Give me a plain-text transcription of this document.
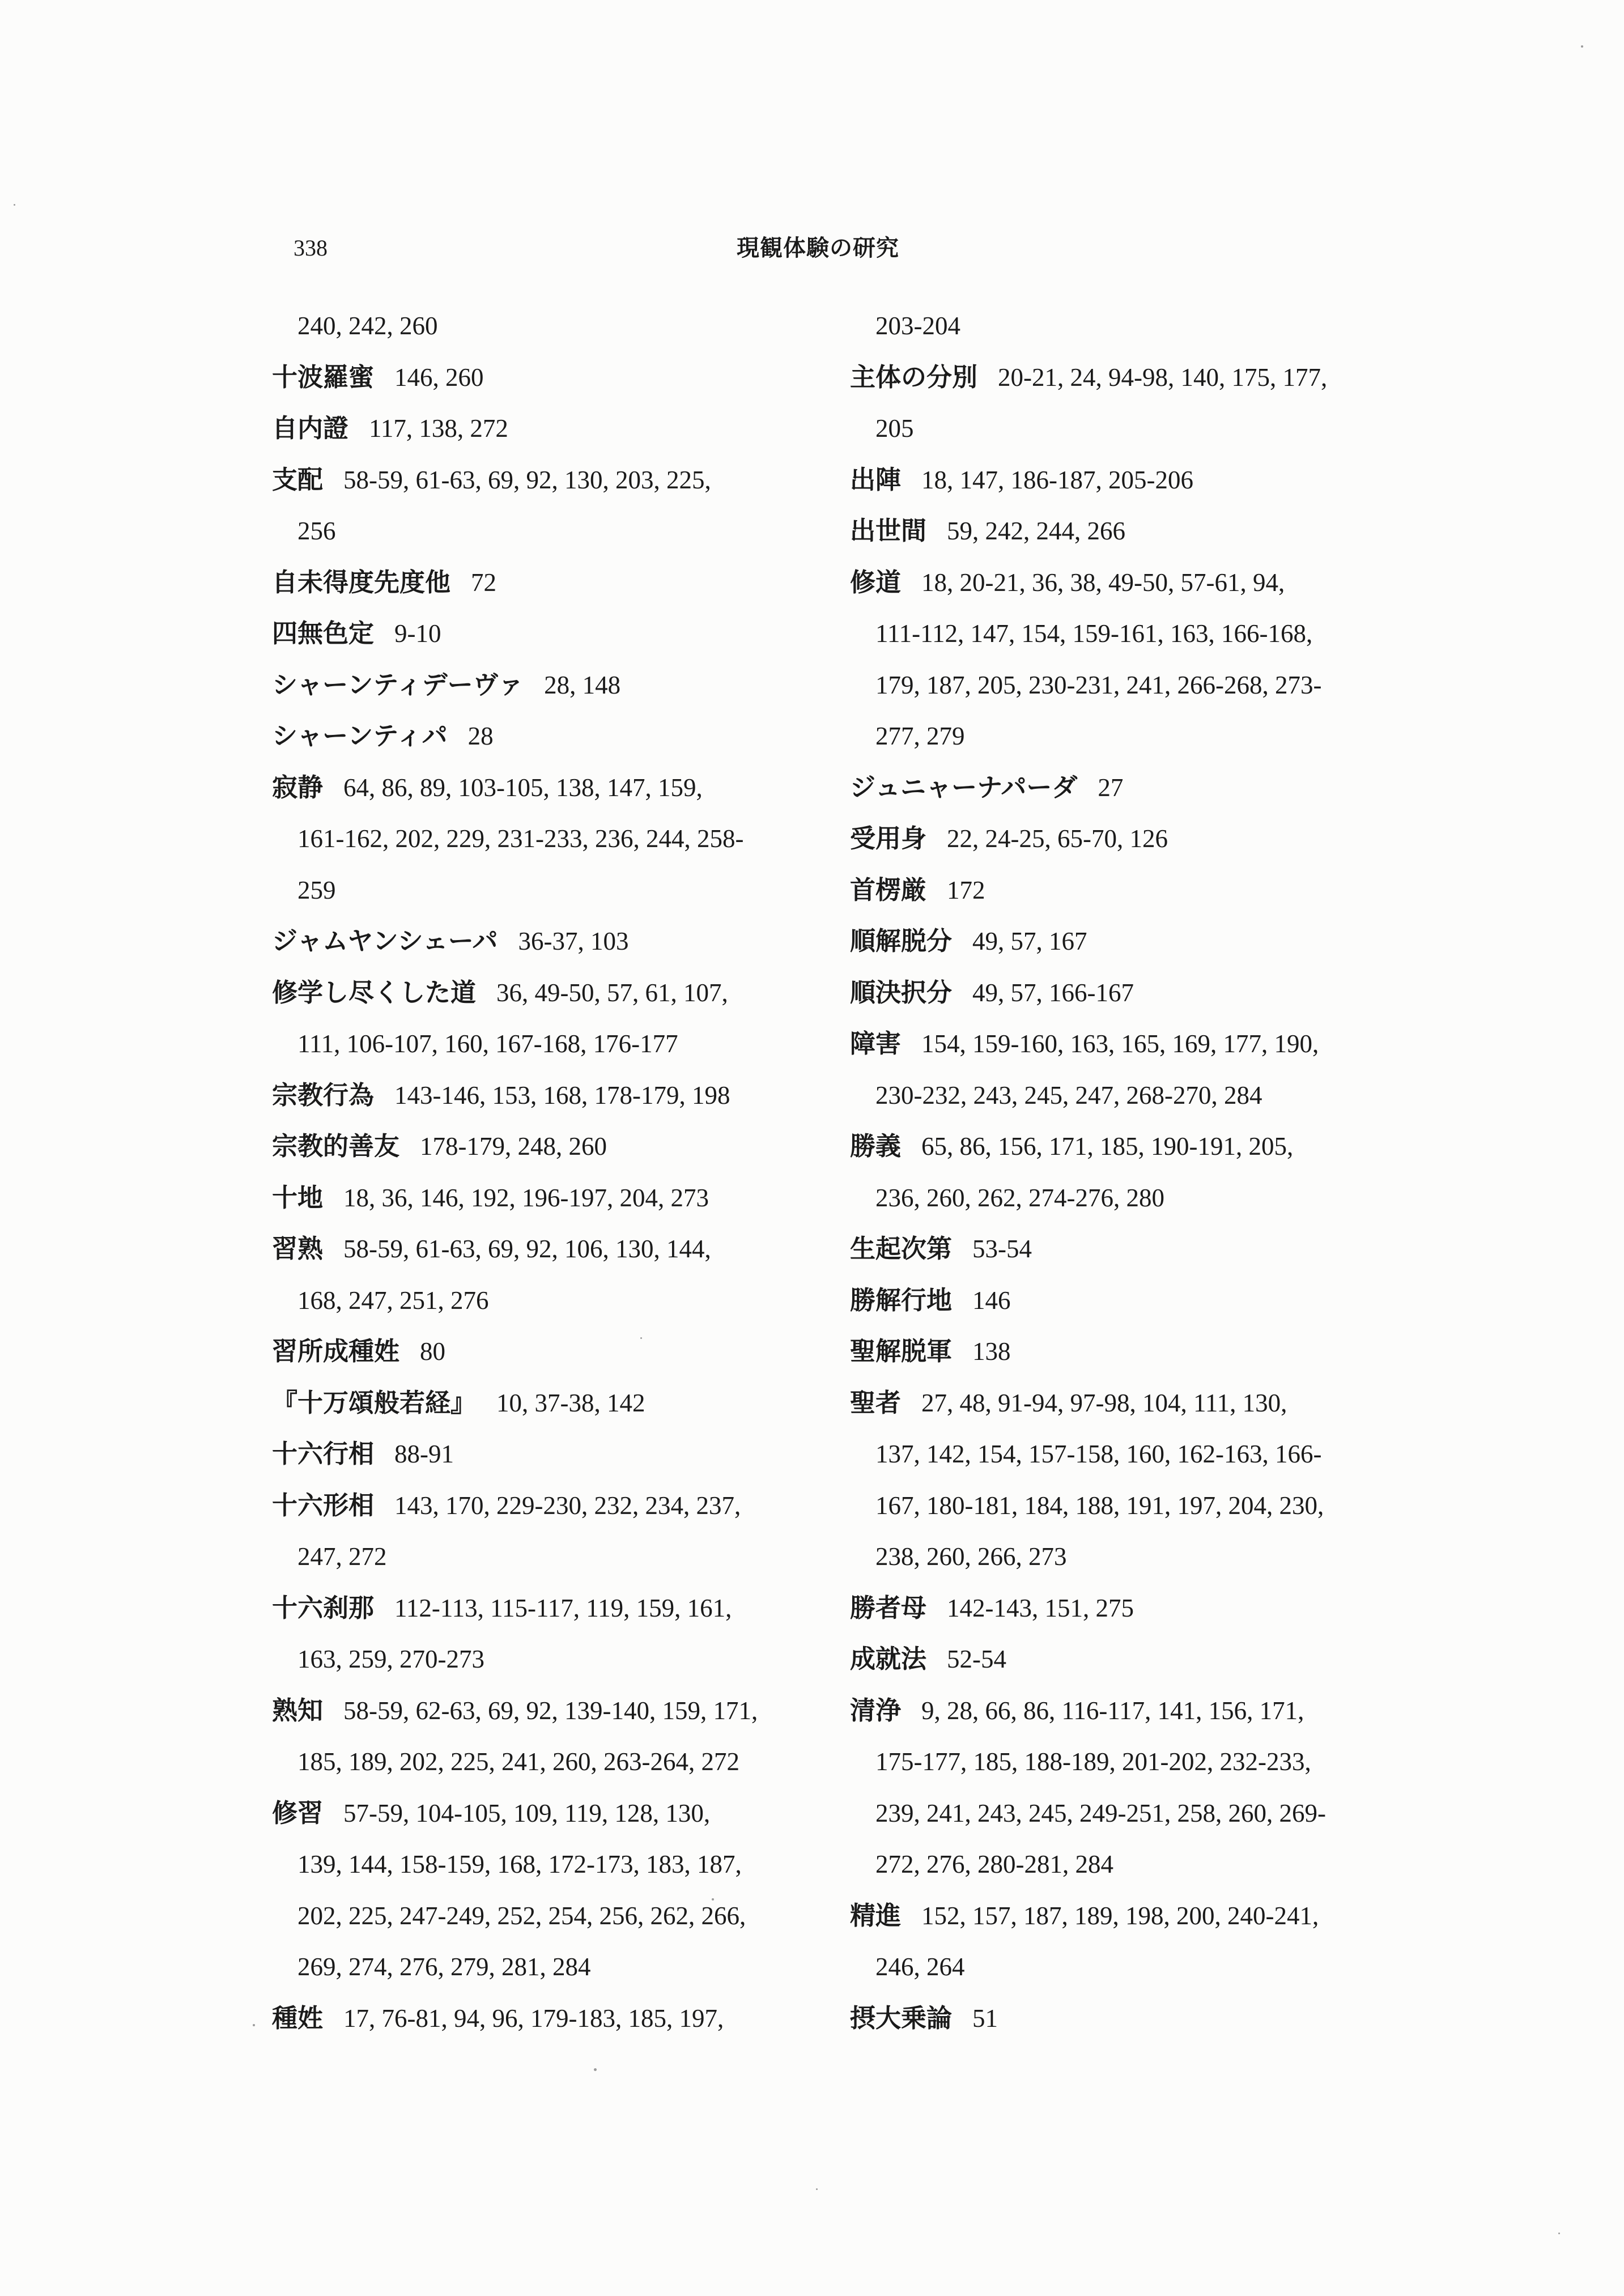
338	現観体験の研究
240, 242, 260
十波羅蜜 146, 260
自内證 117, 138, 272
支配 58-59, 61-63, 69, 92, 130, 203, 225,
256
自未得度先度他 72
四無色定 9-10
シャーンティデーヴァ 28, 148
シャーンティパ 28
寂静 64, 86, 89, 103-105, 138, 147, 159,
161-162, 202, 229, 231-233, 236, 244, 258-
259
ジャムヤンシェーパ 36-37, 103
修学し尽くした道 36, 49-50, 57, 61, 107,
111, 106-107, 160, 167-168, 176-177
宗教行為 143-146, 153, 168, 178-179, 198
宗教的善友 178-179, 248, 260
十地 18, 36, 146, 192, 196-197, 204, 273
習熟 58-59, 61-63, 69, 92, 106, 130, 144,
168, 247, 251, 276
習所成種姓 80
『十万頌般若経』 10, 37-38, 142
十六行相 88-91
十六形相 143, 170, 229-230, 232, 234, 237,
247, 272
十六刹那 112-113, 115-117, 119, 159, 161,
163, 259, 270-273
熟知 58-59, 62-63, 69, 92, 139-140, 159, 171,
185, 189, 202, 225, 241, 260, 263-264, 272
修習 57-59, 104-105, 109, 119, 128, 130,
139, 144, 158-159, 168, 172-173, 183, 187,
202, 225, 247-249, 252, 254, 256, 262, 266,
269, 274, 276, 279, 281, 284
種姓 17, 76-81, 94, 96, 179-183, 185, 197,
203-204
主体の分別 20-21, 24, 94-98, 140, 175, 177,
205
出陣 18, 147, 186-187, 205-206
出世間 59, 242, 244, 266
修道 18, 20-21, 36, 38, 49-50, 57-61, 94,
111-112, 147, 154, 159-161, 163, 166-168,
179, 187, 205, 230-231, 241, 266-268, 273-
277, 279
ジュニャーナパーダ 27
受用身 22, 24-25, 65-70, 126
首楞厳 172
順解脱分 49, 57, 167
順決択分 49, 57, 166-167
障害 154, 159-160, 163, 165, 169, 177, 190,
230-232, 243, 245, 247, 268-270, 284
勝義 65, 86, 156, 171, 185, 190-191, 205,
236, 260, 262, 274-276, 280
生起次第 53-54
勝解行地 146
聖解脱軍 138
聖者 27, 48, 91-94, 97-98, 104, 111, 130,
137, 142, 154, 157-158, 160, 162-163, 166-
167, 180-181, 184, 188, 191, 197, 204, 230,
238, 260, 266, 273
勝者母 142-143, 151, 275
成就法 52-54
清浄 9, 28, 66, 86, 116-117, 141, 156, 171,
175-177, 185, 188-189, 201-202, 232-233,
239, 241, 243, 245, 249-251, 258, 260, 269-
272, 276, 280-281, 284
精進 152, 157, 187, 189, 198, 200, 240-241,
246, 264
摂大乗論 51
